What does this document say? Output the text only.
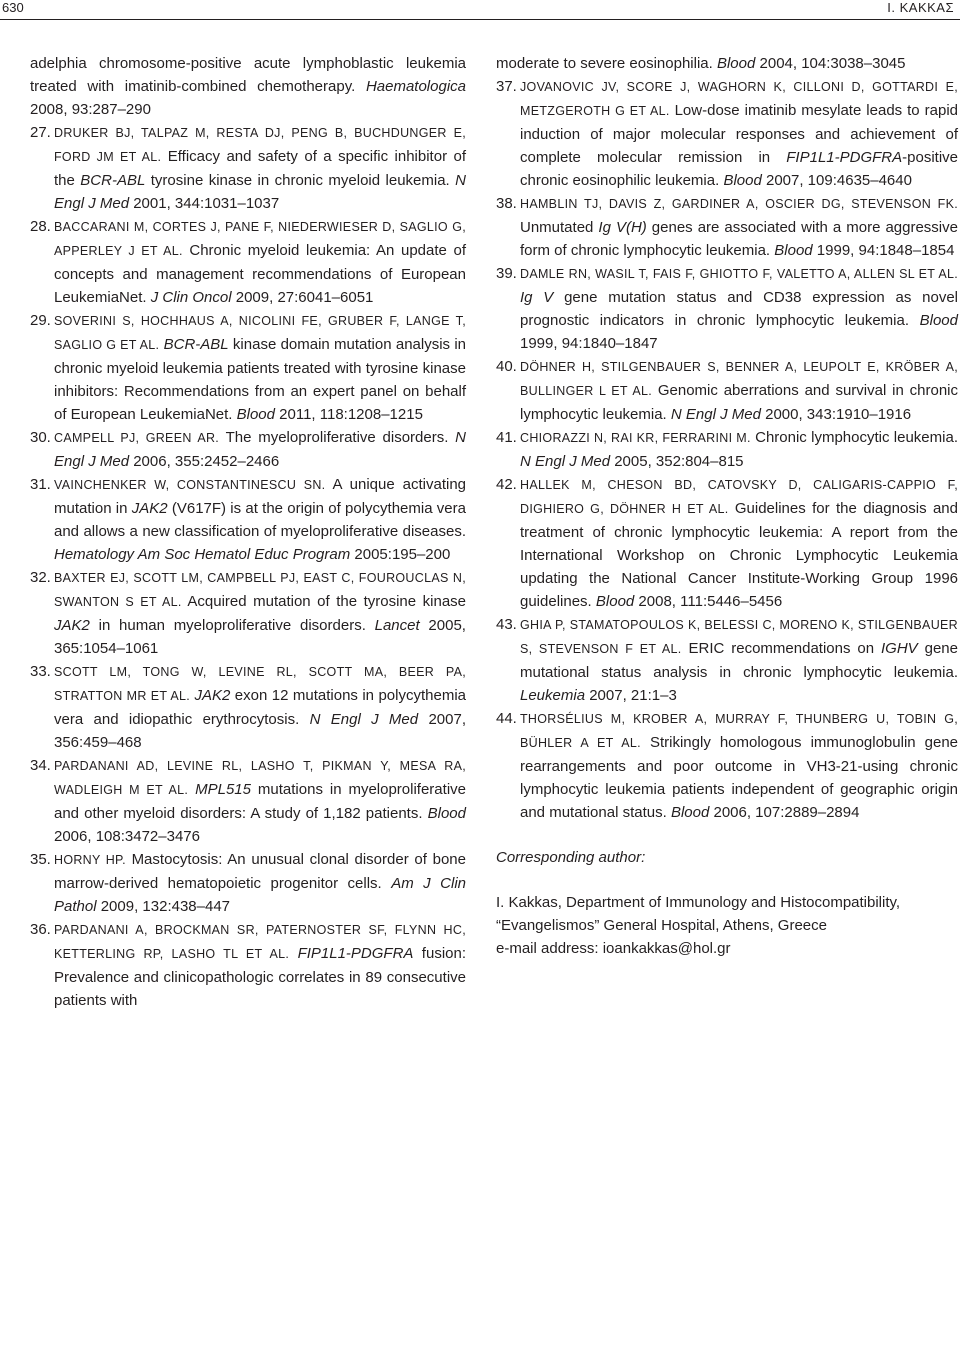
630	I. KAKKAΣ

adelphia chromosome-positive acute lymphoblastic leukemia treated with imatinib-combined chemotherapy. Haematologica 2008, 93:287–290

27. DRUKER BJ, TALPAZ M, RESTA DJ, PENG B, BUCHDUNGER E, FORD JM ET AL. Efficacy and safety of a specific inhibitor of the BCR-ABL tyrosine kinase in chronic myeloid leukemia. N Engl J Med 2001, 344:1031–1037

28. BACCARANI M, CORTES J, PANE F, NIEDERWIESER D, SAGLIO G, APPERLEY J ET AL. Chronic myeloid leukemia: An update of concepts and management recommendations of European LeukemiaNet. J Clin Oncol 2009, 27:6041–6051

29. SOVERINI S, HOCHHAUS A, NICOLINI FE, GRUBER F, LANGE T, SAGLIO G ET AL. BCR-ABL kinase domain mutation analysis in chronic myeloid leukemia patients treated with tyrosine kinase inhibitors: Recommendations from an expert panel on behalf of European LeukemiaNet. Blood 2011, 118:1208–1215

30. CAMPELL PJ, GREEN AR. The myeloproliferative disorders. N Engl J Med 2006, 355:2452–2466

31. VAINCHENKER W, CONSTANTINESCU SN. A unique activating mutation in JAK2 (V617F) is at the origin of polycythemia vera and allows a new classification of myeloproliferative diseases. Hematology Am Soc Hematol Educ Program 2005:195–200

32. BAXTER EJ, SCOTT LM, CAMPBELL PJ, EAST C, FOUROUCLAS N, SWANTON S ET AL. Acquired mutation of the tyrosine kinase JAK2 in human myeloproliferative disorders. Lancet 2005, 365:1054–1061

33. SCOTT LM, TONG W, LEVINE RL, SCOTT MA, BEER PA, STRATTON MR ET AL. JAK2 exon 12 mutations in polycythemia vera and idiopathic erythrocytosis. N Engl J Med 2007, 356:459–468

34. PARDANANI AD, LEVINE RL, LASHO T, PIKMAN Y, MESA RA, WADLEIGH M ET AL. MPL515 mutations in myeloproliferative and other myeloid disorders: A study of 1,182 patients. Blood 2006, 108:3472–3476

35. HORNY HP. Mastocytosis: An unusual clonal disorder of bone marrow-derived hematopoietic progenitor cells. Am J Clin Pathol 2009, 132:438–447

36. PARDANANI A, BROCKMAN SR, PATERNOSTER SF, FLYNN HC, KETTERLING RP, LASHO TL ET AL. FIP1L1-PDGFRA fusion: Prevalence and clinicopathologic correlates in 89 consecutive patients with

moderate to severe eosinophilia. Blood 2004, 104:3038–3045

37. JOVANOVIC JV, SCORE J, WAGHORN K, CILLONI D, GOTTARDI E, METZGEROTH G ET AL. Low-dose imatinib mesylate leads to rapid induction of major molecular responses and achievement of complete molecular remission in FIP1L1-PDGFRA-positive chronic eosinophilic leukemia. Blood 2007, 109:4635–4640

38. HAMBLIN TJ, DAVIS Z, GARDINER A, OSCIER DG, STEVENSON FK. Unmutated Ig V(H) genes are associated with a more aggressive form of chronic lymphocytic leukemia. Blood 1999, 94:1848–1854

39. DAMLE RN, WASIL T, FAIS F, GHIOTTO F, VALETTO A, ALLEN SL ET AL. Ig V gene mutation status and CD38 expression as novel prognostic indicators in chronic lymphocytic leukemia. Blood 1999, 94:1840–1847

40. DÖHNER H, STILGENBAUER S, BENNER A, LEUPOLT E, KRÖBER A, BULLINGER L ET AL. Genomic aberrations and survival in chronic lymphocytic leukemia. N Engl J Med 2000, 343:1910–1916

41. CHIORAZZI N, RAI KR, FERRARINI M. Chronic lymphocytic leukemia. N Engl J Med 2005, 352:804–815

42. HALLEK M, CHESON BD, CATOVSKY D, CALIGARIS-CAPPIO F, DIGHIERO G, DÖHNER H ET AL. Guidelines for the diagnosis and treatment of chronic lymphocytic leukemia: A report from the International Workshop on Chronic Lymphocytic Leukemia updating the National Cancer Institute-Working Group 1996 guidelines. Blood 2008, 111:5446–5456

43. GHIA P, STAMATOPOULOS K, BELESSI C, MORENO K, STILGENBAUER S, STEVENSON F ET AL. ERIC recommendations on IGHV gene mutational status analysis in chronic lymphocytic leukemia. Leukemia 2007, 21:1–3

44. THORSÉLIUS M, KROBER A, MURRAY F, THUNBERG U, TOBIN G, BÜHLER A ET AL. Strikingly homologous immunoglobulin gene rearrangements and poor outcome in VH3-21-using chronic lymphocytic leukemia patients independent of geographic origin and mutational status. Blood 2006, 107:2889–2894

Corresponding author:
I. Kakkas, Department of Immunology and Histocompatibility, “Evangelismos” General Hospital, Athens, Greece
e-mail address: ioankakkas@hol.gr
